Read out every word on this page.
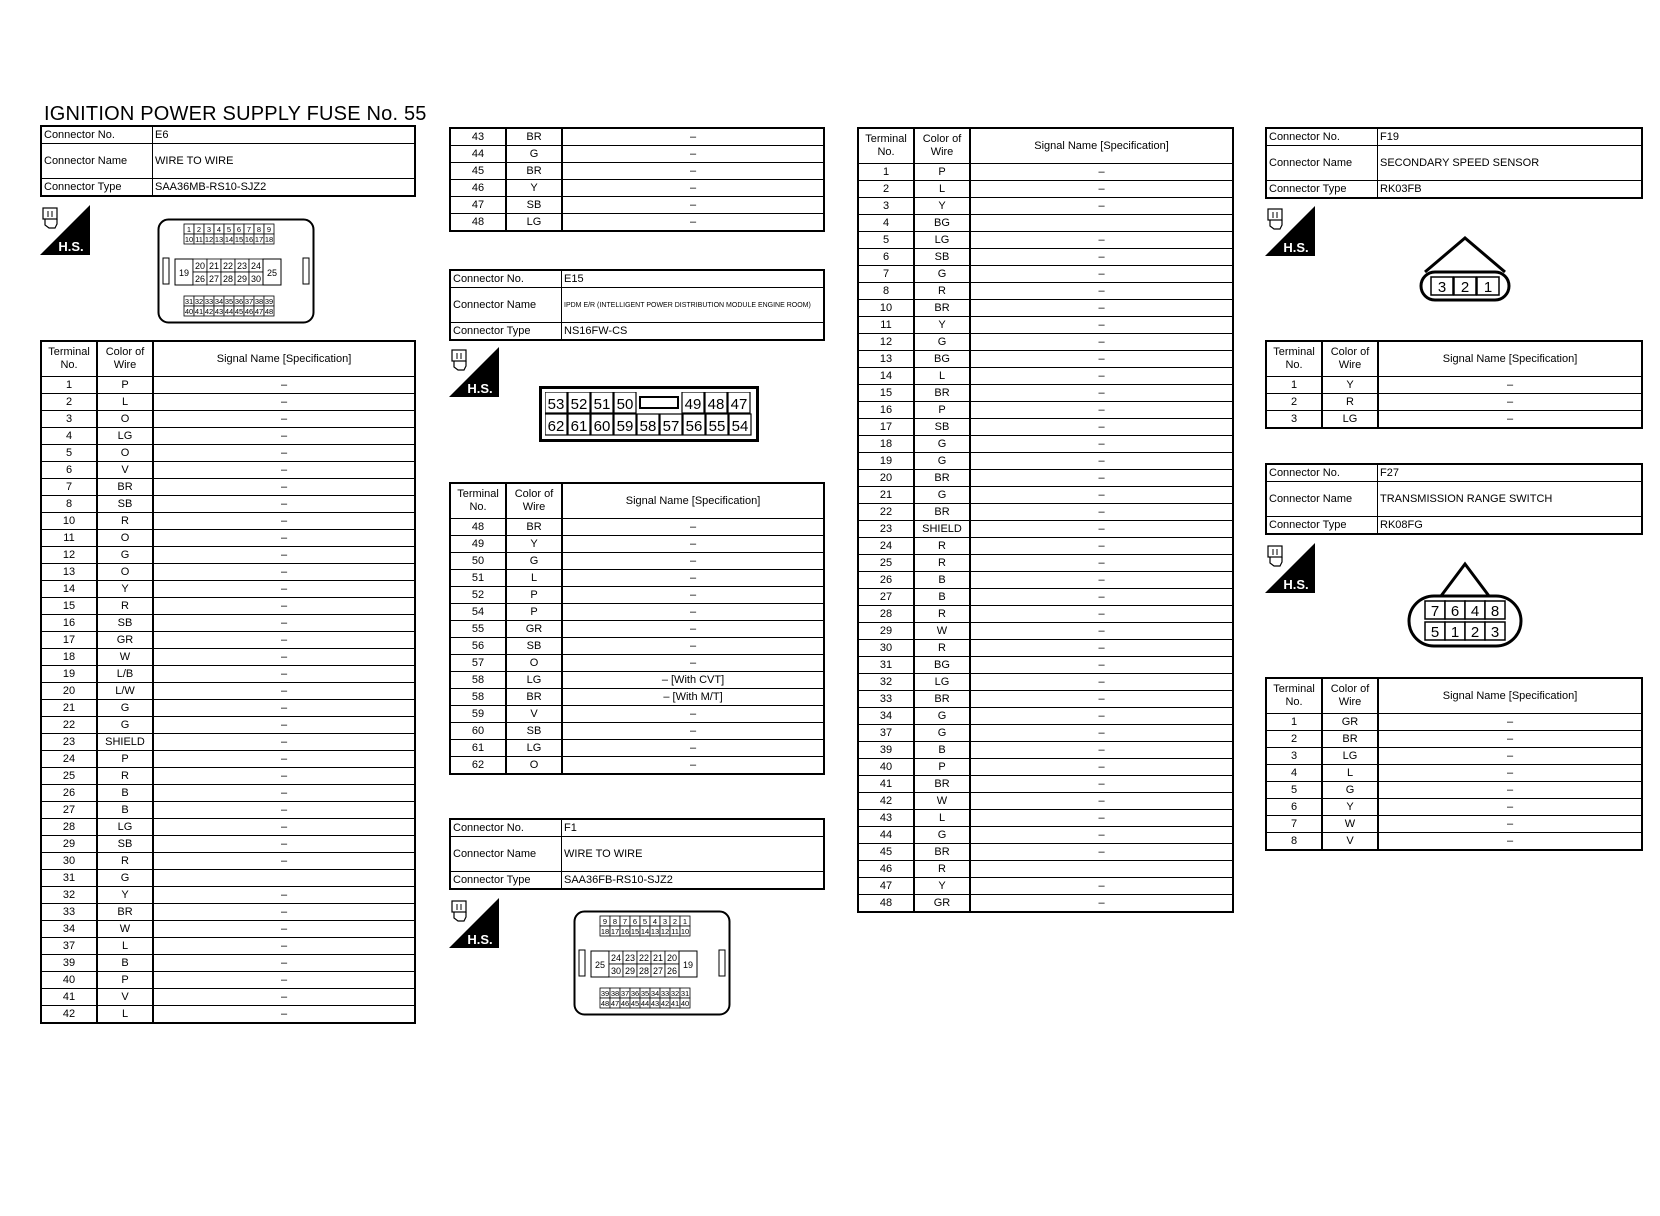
IGNITION POWER SUPPLY FUSE No. 55
Connector No.	E6
Connector Name	WIRE TO WIRE
Connector Type	SAA36MB-RS10-SJZ2
H.S.
1 2 3 4 5 6 7 8 9
10 11 12 13 14 15 16 17 18
31 32 33 34 35 36 37 38 39
40 41 42 43 44 45 46 47 48
19
20 21 22 23 24
26 27 28 29 30
25
Terminal No.	Color of Wire	Signal Name [Specification]
1	P	–
2	L	–
3	O	–
4	LG	–
5	O	–
6	V	–
7	BR	–
8	SB	–
10	R	–
11	O	–
12	G	–
13	O	–
14	Y	–
15	R	–
16	SB	–
17	GR	–
18	W	–
19	L/B	–
20	L/W	–
21	G	–
22	G	–
23	SHIELD	–
24	P	–
25	R	–
26	B	–
27	B	–
28	LG	–
29	SB	–
30	R	–
31	G	
32	Y	–
33	BR	–
34	W	–
37	L	–
39	B	–
40	P	–
41	V	–
42	L	–
43	BR	–
44	G	–
45	BR	–
46	Y	–
47	SB	–
48	LG	–
Connector No.	E15
Connector Name	IPDM E/R (INTELLIGENT POWER DISTRIBUTION MODULE ENGINE ROOM)
Connector Type	NS16FW-CS
H.S.
53 52 51 50	49 48 47
62 61 60 59 58 57 56 55 54
Terminal No.	Color of Wire	Signal Name [Specification]
48	BR	–
49	Y	–
50	G	–
51	L	–
52	P	–
54	P	–
55	GR	–
56	SB	–
57	O	–
58	LG	– [With CVT]
58	BR	– [With M/T]
59	V	–
60	SB	–
61	LG	–
62	O	–
Connector No.	F1
Connector Name	WIRE TO WIRE
Connector Type	SAA36FB-RS10-SJZ2
H.S.
9 8 7 6 5 4 3 2 1
18 17 16 15 14 13 12 11 10
39 38 37 36 35 34 33 32 31
48 47 46 45 44 43 42 41 40
25
24 23 22 21 20
30 29 28 27 26
19
Terminal No.	Color of Wire	Signal Name [Specification]
1	P	–
2	L	–
3	Y	–
4	BG	
5	LG	–
6	SB	–
7	G	–
8	R	–
10	BR	–
11	Y	–
12	G	–
13	BG	–
14	L	–
15	BR	–
16	P	–
17	SB	–
18	G	–
19	G	–
20	BR	–
21	G	–
22	BR	–
23	SHIELD	–
24	R	–
25	R	–
26	B	–
27	B	–
28	R	–
29	W	–
30	R	–
31	BG	–
32	LG	–
33	BR	–
34	G	–
37	G	–
39	B	–
40	P	–
41	BR	–
42	W	–
43	L	–
44	G	–
45	BR	–
46	R	
47	Y	–
48	GR	–
Connector No.	F19
Connector Name	SECONDARY SPEED SENSOR
Connector Type	RK03FB
H.S.
3 2 1
Terminal No.	Color of Wire	Signal Name [Specification]
1	Y	–
2	R	–
3	LG	–
Connector No.	F27
Connector Name	TRANSMISSION RANGE SWITCH
Connector Type	RK08FG
H.S.
7 6 4 8
5 1 2 3
Terminal No.	Color of Wire	Signal Name [Specification]
1	GR	–
2	BR	–
3	LG	–
4	L	–
5	G	–
6	Y	–
7	W	–
8	V	–
